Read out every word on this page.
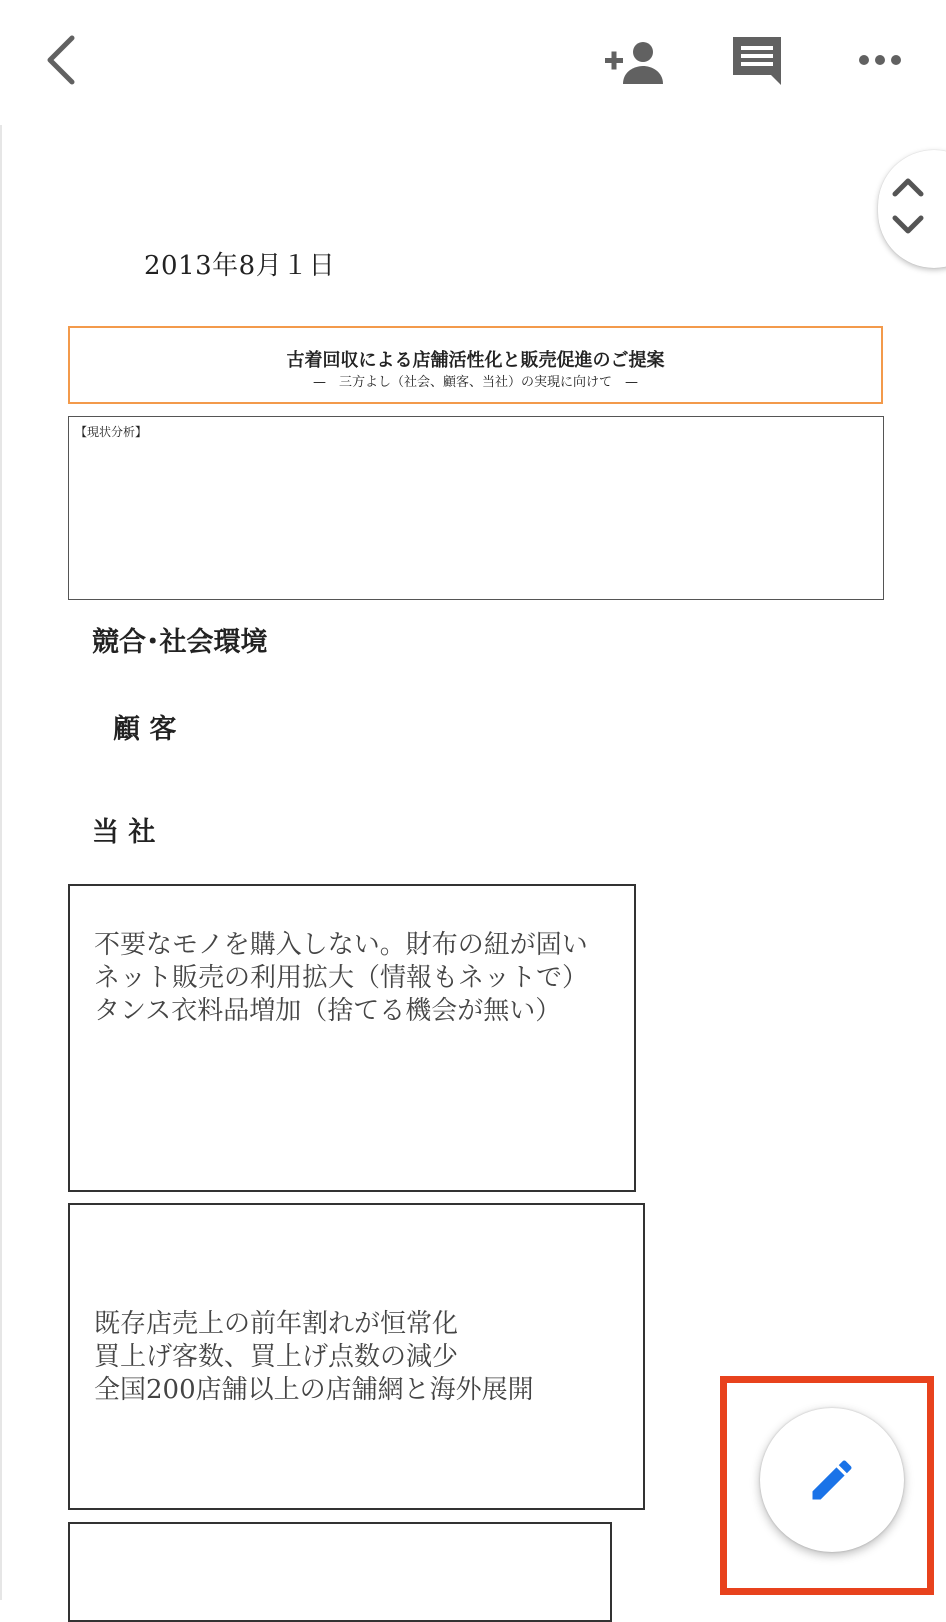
2013年8月１日
古着回収による店舗活性化と販売促進のご提案
—　三方よし（社会、顧客、当社）の実現に向けて　—
【現状分析】
競合･社会環境
顧 客
当 社
不要なモノを購入しない。財布の紐が固い
ネット販売の利用拡大（情報もネットで）
タンス衣料品増加（捨てる機会が無い）
既存店売上の前年割れが恒常化
買上げ客数、買上げ点数の減少
全国200店舗以上の店舗網と海外展開
